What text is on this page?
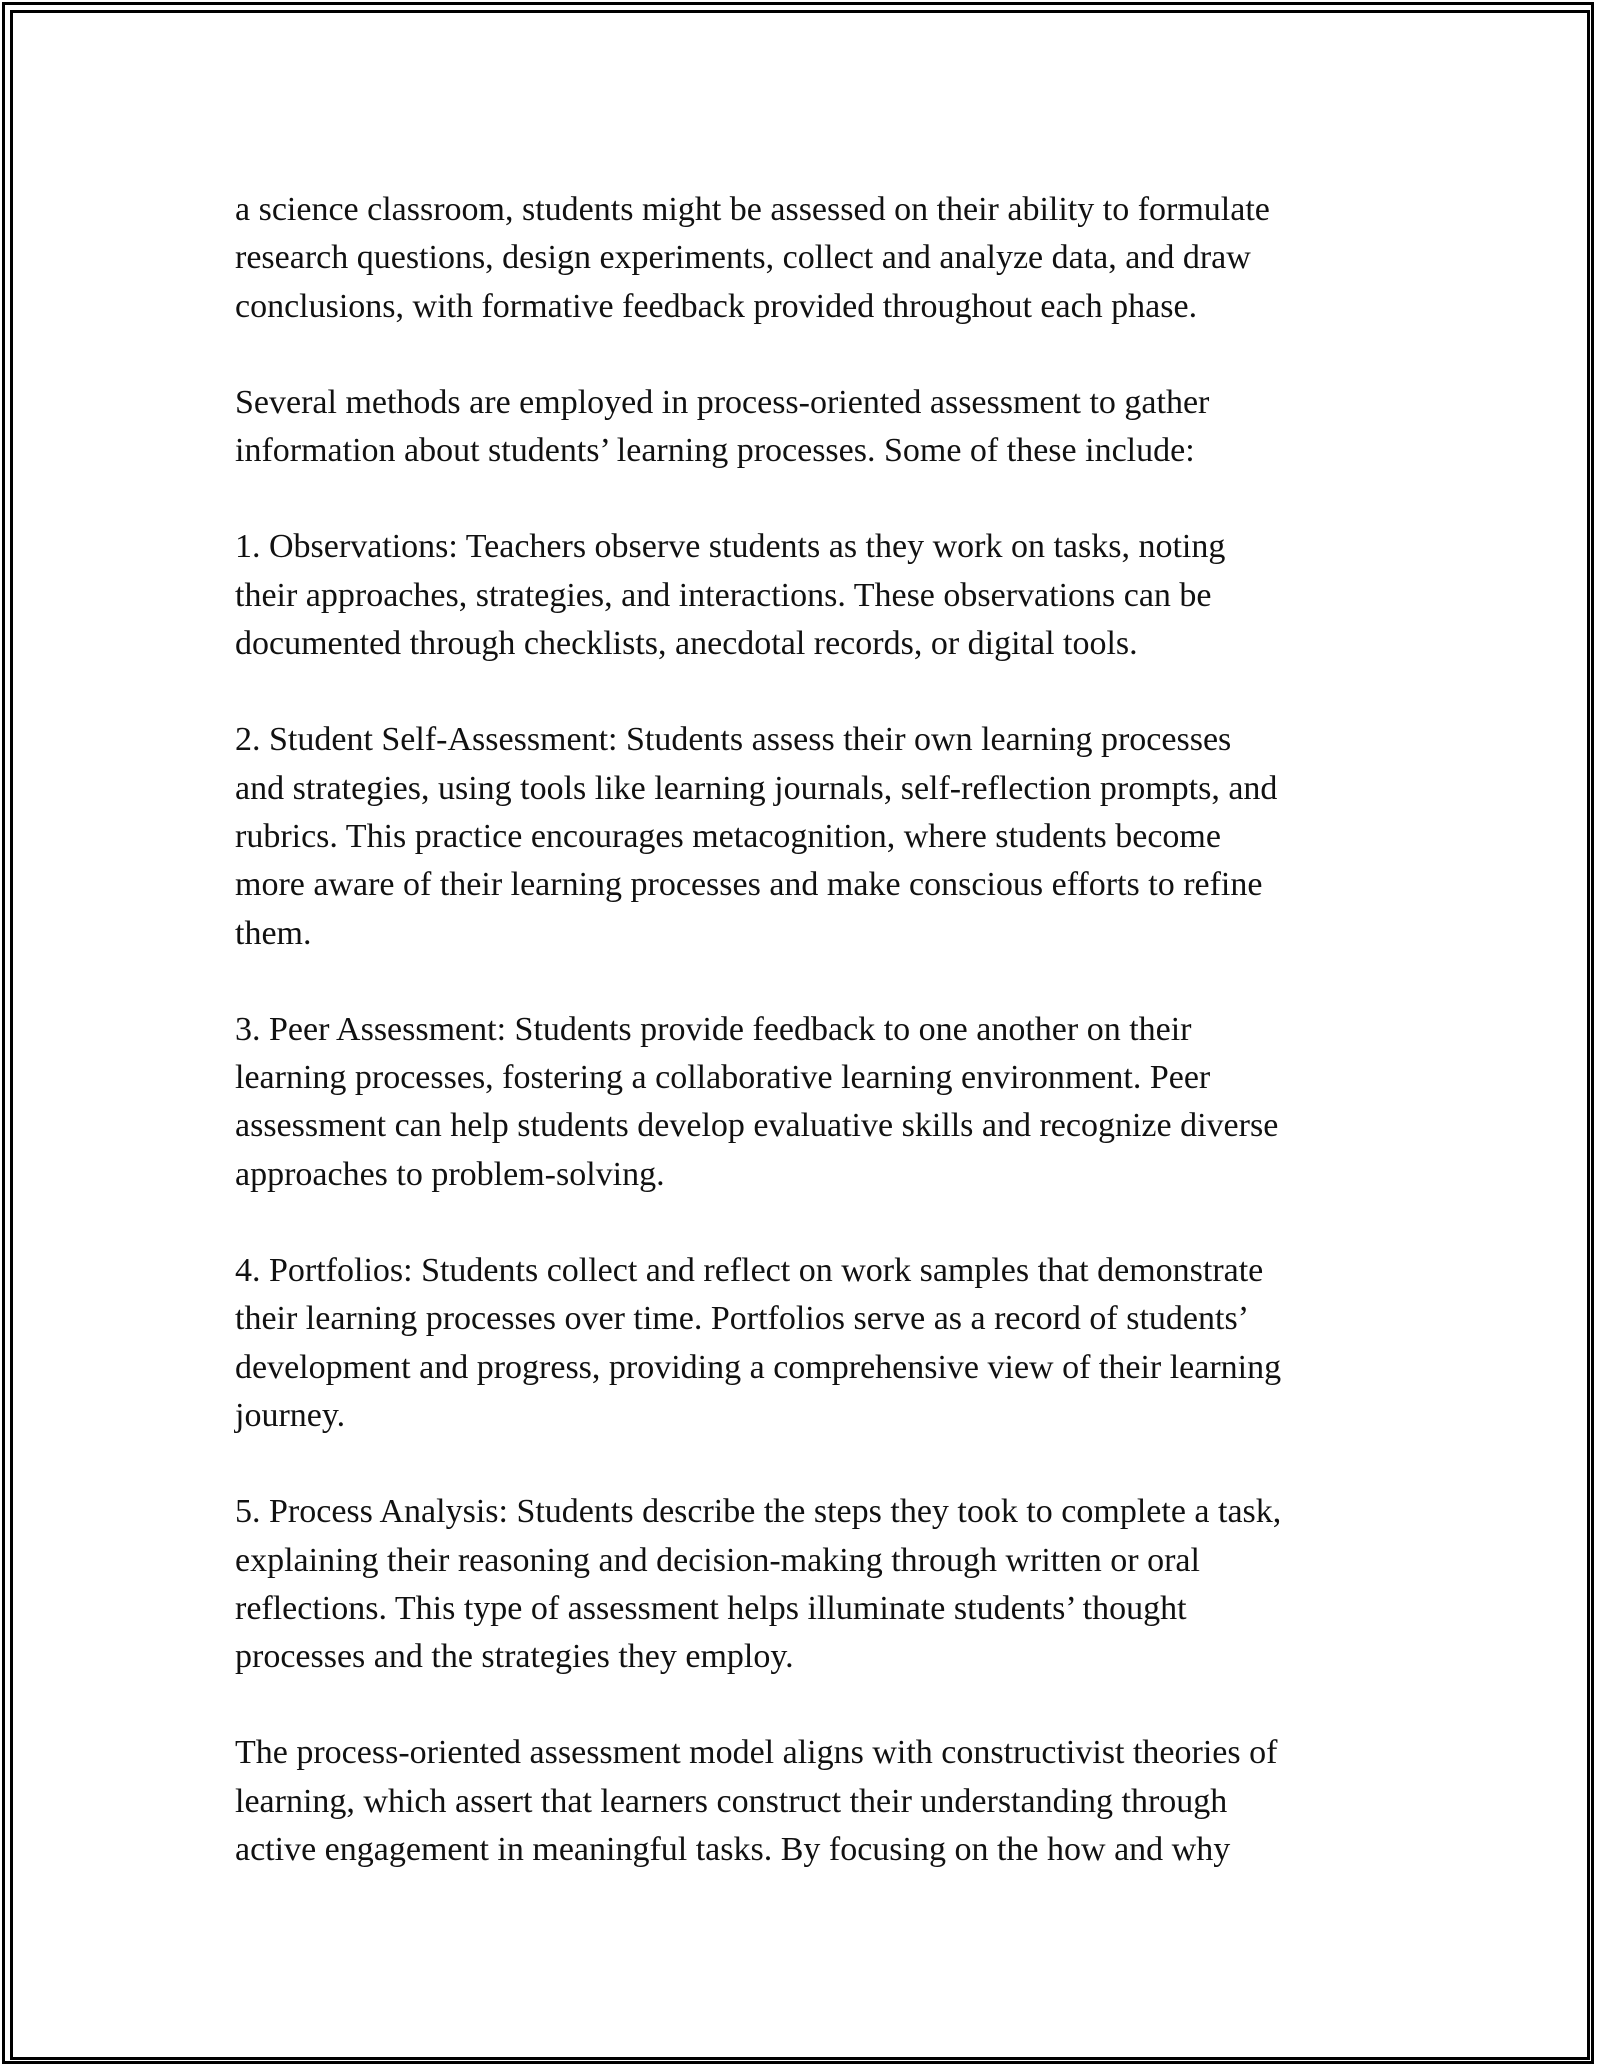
a science classroom, students might be assessed on their ability to formulate
research questions, design experiments, collect and analyze data, and draw
conclusions, with formative feedback provided throughout each phase.

Several methods are employed in process-oriented assessment to gather
information about students’ learning processes. Some of these include:

1. Observations: Teachers observe students as they work on tasks, noting
their approaches, strategies, and interactions. These observations can be
documented through checklists, anecdotal records, or digital tools.

2. Student Self-Assessment: Students assess their own learning processes
and strategies, using tools like learning journals, self-reflection prompts, and
rubrics. This practice encourages metacognition, where students become
more aware of their learning processes and make conscious efforts to refine
them.

3. Peer Assessment: Students provide feedback to one another on their
learning processes, fostering a collaborative learning environment. Peer
assessment can help students develop evaluative skills and recognize diverse
approaches to problem-solving.

4. Portfolios: Students collect and reflect on work samples that demonstrate
their learning processes over time. Portfolios serve as a record of students’
development and progress, providing a comprehensive view of their learning
journey.

5. Process Analysis: Students describe the steps they took to complete a task,
explaining their reasoning and decision-making through written or oral
reflections. This type of assessment helps illuminate students’ thought
processes and the strategies they employ.

The process-oriented assessment model aligns with constructivist theories of
learning, which assert that learners construct their understanding through
active engagement in meaningful tasks. By focusing on the how and why
